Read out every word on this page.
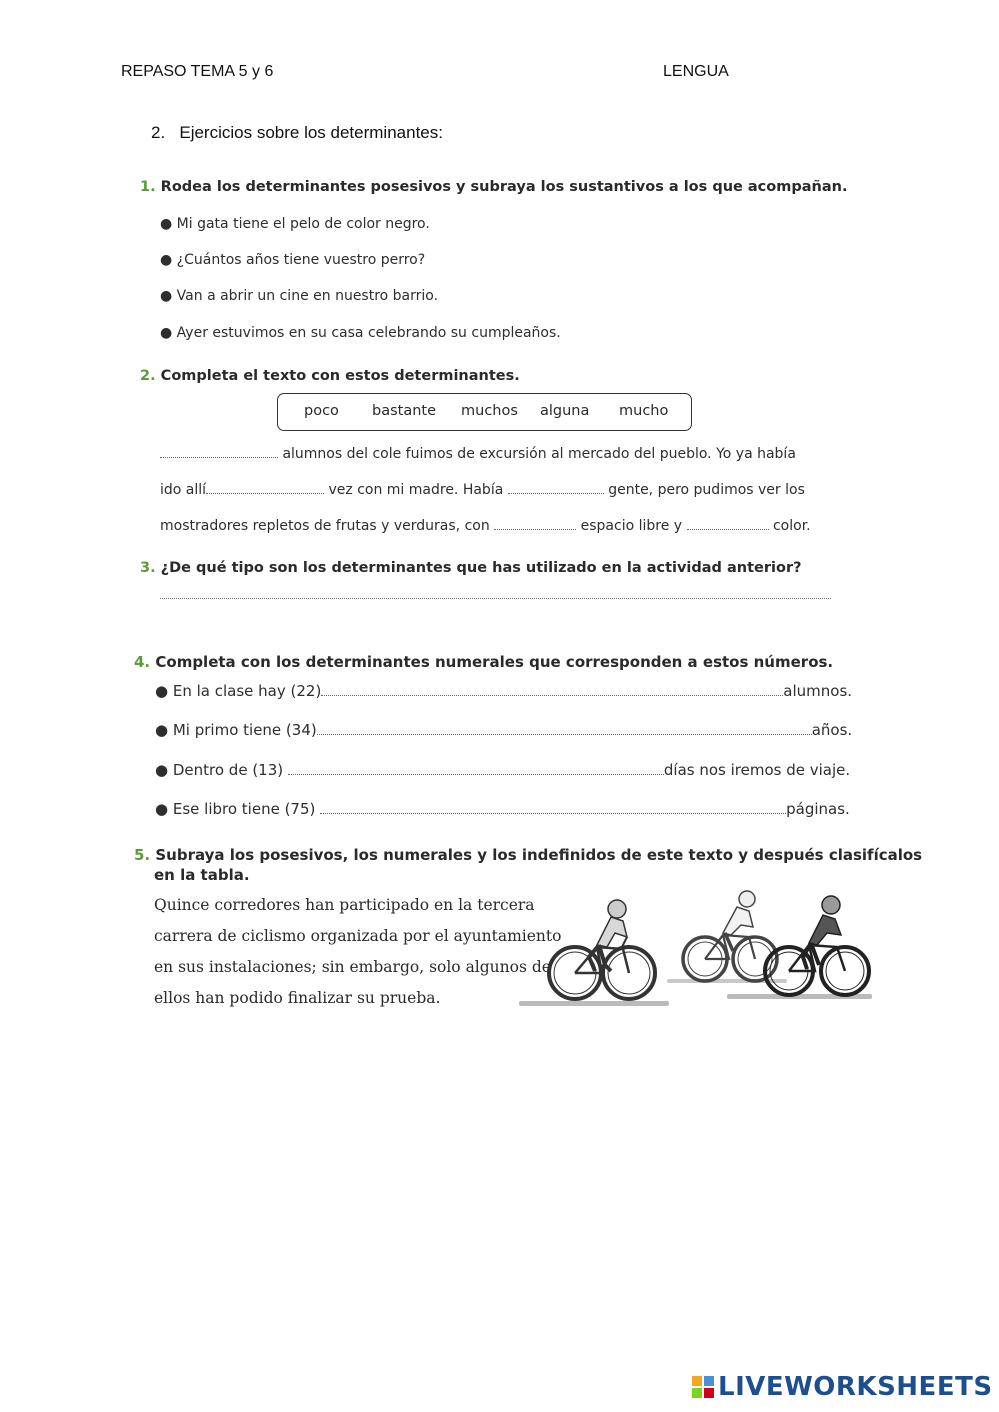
REPASO TEMA 5 y 6	LENGUA
2. Ejercicios sobre los determinantes:
1. Rodea los determinantes posesivos y subraya los sustantivos a los que acompañan.
● Mi gata tiene el pelo de color negro.
● ¿Cuántos años tiene vuestro perro?
● Van a abrir un cine en nuestro barrio.
● Ayer estuvimos en su casa celebrando su cumpleaños.
2. Completa el texto con estos determinantes.
poco bastante muchos alguna mucho
alumnos del cole fuimos de excursión al mercado del pueblo. Yo ya había
ido allí	vez con mi madre. Había	gente, pero pudimos ver los
mostradores repletos de frutas y verduras, con	espacio libre y	color.
3. ¿De qué tipo son los determinantes que has utilizado en la actividad anterior?
4. Completa con los determinantes numerales que corresponden a estos números.
● En la clase hay (22)	alumnos.
● Mi primo tiene (34)	años.
● Dentro de (13)	días nos iremos de viaje.
● Ese libro tiene (75)	páginas.
5. Subraya los posesivos, los numerales y los indefinidos de este texto y después clasifícalos
en la tabla.
Quince corredores han participado en la tercera
carrera de ciclismo organizada por el ayuntamiento
en sus instalaciones; sin embargo, solo algunos de
ellos han podido finalizar su prueba.
LIVEWORKSHEETS
